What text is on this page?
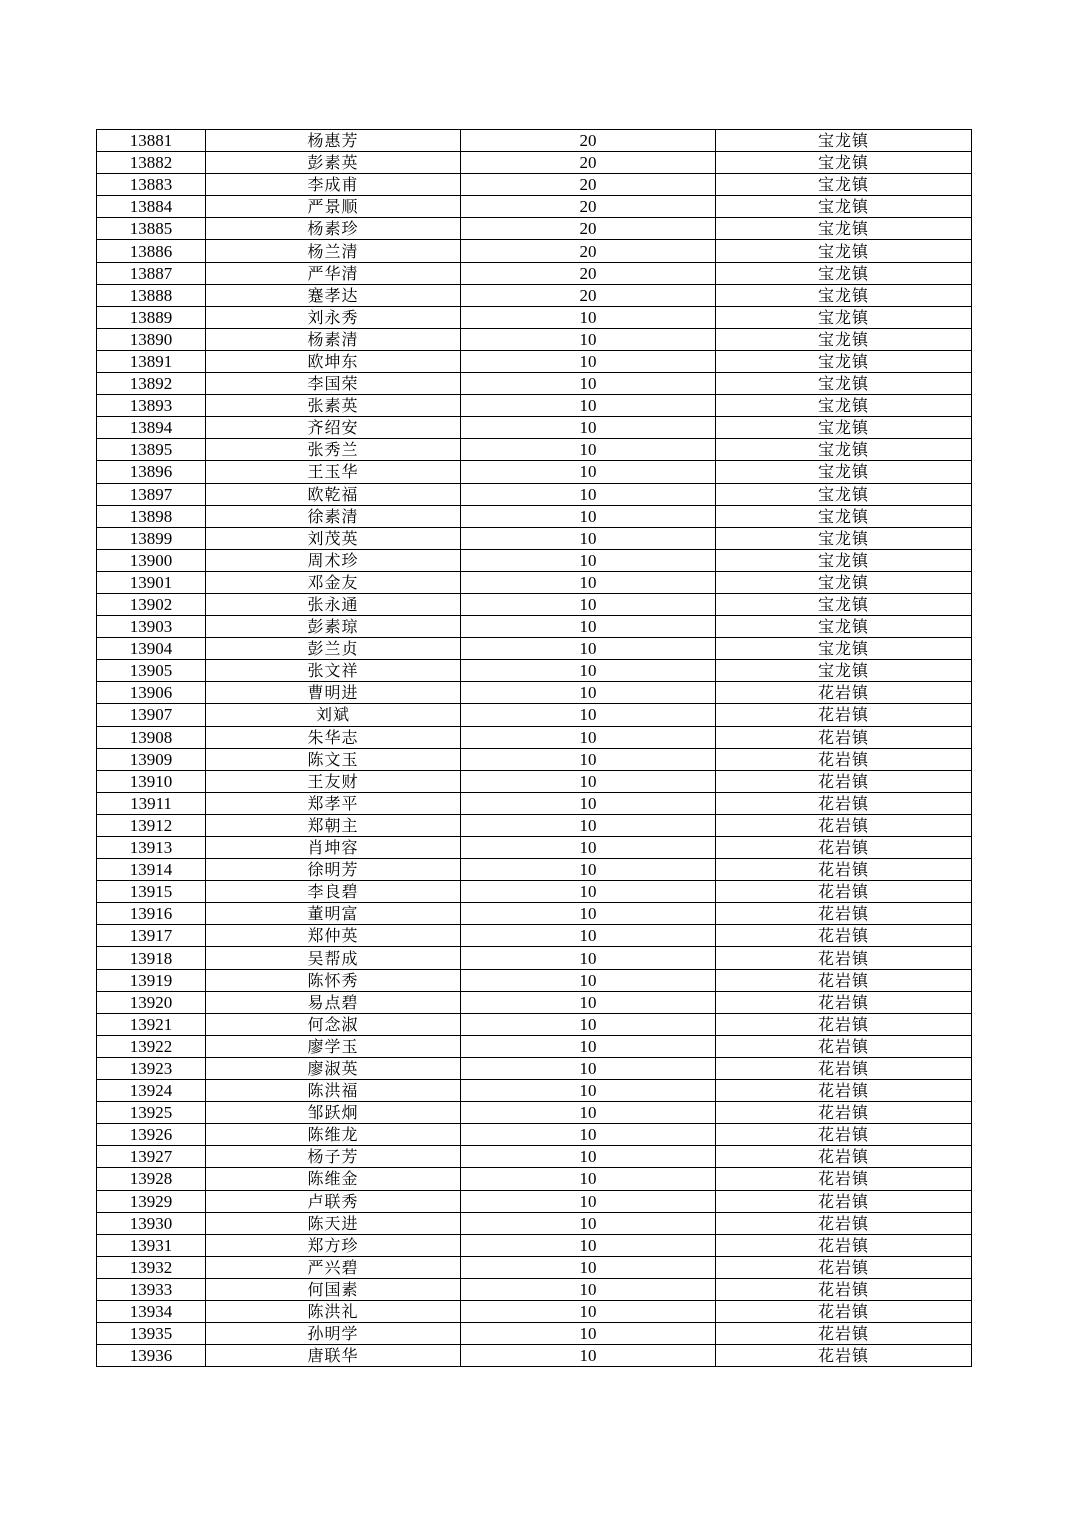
13881	杨惠芳	20	宝龙镇
13882	彭素英	20	宝龙镇
13883	李成甫	20	宝龙镇
13884	严景顺	20	宝龙镇
13885	杨素珍	20	宝龙镇
13886	杨兰清	20	宝龙镇
13887	严华清	20	宝龙镇
13888	蹇孝达	20	宝龙镇
13889	刘永秀	10	宝龙镇
13890	杨素清	10	宝龙镇
13891	欧坤东	10	宝龙镇
13892	李国荣	10	宝龙镇
13893	张素英	10	宝龙镇
13894	齐绍安	10	宝龙镇
13895	张秀兰	10	宝龙镇
13896	王玉华	10	宝龙镇
13897	欧乾福	10	宝龙镇
13898	徐素清	10	宝龙镇
13899	刘茂英	10	宝龙镇
13900	周术珍	10	宝龙镇
13901	邓金友	10	宝龙镇
13902	张永通	10	宝龙镇
13903	彭素琼	10	宝龙镇
13904	彭兰贞	10	宝龙镇
13905	张文祥	10	宝龙镇
13906	曹明进	10	花岩镇
13907	刘斌	10	花岩镇
13908	朱华志	10	花岩镇
13909	陈文玉	10	花岩镇
13910	王友财	10	花岩镇
13911	郑孝平	10	花岩镇
13912	郑朝主	10	花岩镇
13913	肖坤容	10	花岩镇
13914	徐明芳	10	花岩镇
13915	李良碧	10	花岩镇
13916	董明富	10	花岩镇
13917	郑仲英	10	花岩镇
13918	吴帮成	10	花岩镇
13919	陈怀秀	10	花岩镇
13920	易点碧	10	花岩镇
13921	何念淑	10	花岩镇
13922	廖学玉	10	花岩镇
13923	廖淑英	10	花岩镇
13924	陈洪福	10	花岩镇
13925	邹跃炯	10	花岩镇
13926	陈维龙	10	花岩镇
13927	杨子芳	10	花岩镇
13928	陈维金	10	花岩镇
13929	卢联秀	10	花岩镇
13930	陈天进	10	花岩镇
13931	郑方珍	10	花岩镇
13932	严兴碧	10	花岩镇
13933	何国素	10	花岩镇
13934	陈洪礼	10	花岩镇
13935	孙明学	10	花岩镇
13936	唐联华	10	花岩镇
